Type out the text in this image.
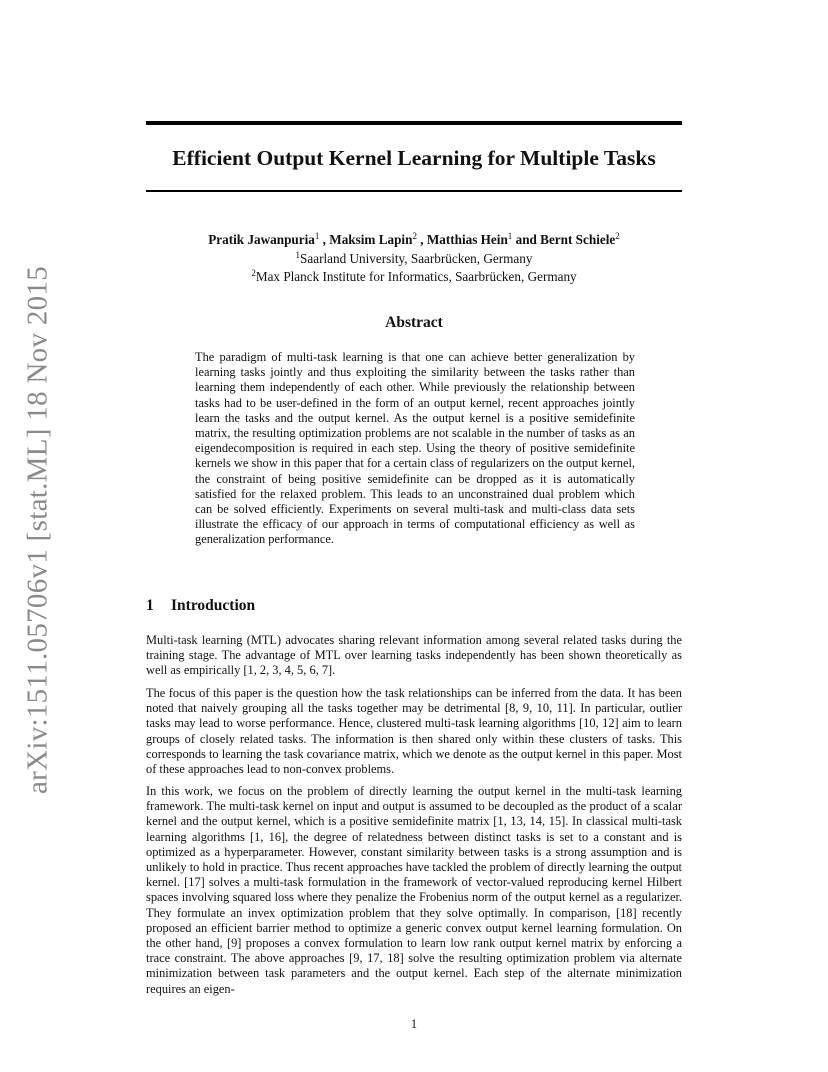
arXiv:1511.05706v1 [stat.ML] 18 Nov 2015
Efficient Output Kernel Learning for Multiple Tasks
Pratik Jawanpuria$^1$ , Maksim Lapin$^2$ , Matthias Hein$^1$ and Bernt Schiele$^2$
$^1$Saarland University, Saarbrücken, Germany
$^2$Max Planck Institute for Informatics, Saarbrücken, Germany
Abstract
The paradigm of multi-task learning is that one can achieve better generalization by learning tasks jointly and thus exploiting the similarity between the tasks rather than learning them independently of each other. While previously the relationship between tasks had to be user-defined in the form of an output kernel, recent approaches jointly learn the tasks and the output kernel. As the output kernel is a positive semidefinite matrix, the resulting optimization problems are not scalable in the number of tasks as an eigendecomposition is required in each step. Using the theory of positive semidefinite kernels we show in this paper that for a certain class of regularizers on the output kernel, the constraint of being positive semidefinite can be dropped as it is automatically satisfied for the relaxed problem. This leads to an unconstrained dual problem which can be solved efficiently. Experiments on several multi-task and multi-class data sets illustrate the efficacy of our approach in terms of computational efficiency as well as generalization performance.
1 Introduction

Multi-task learning (MTL) advocates sharing relevant information among several related tasks during the training stage. The advantage of MTL over learning tasks independently has been shown theoretically as well as empirically [1, 2, 3, 4, 5, 6, 7].

The focus of this paper is the question how the task relationships can be inferred from the data. It has been noted that naively grouping all the tasks together may be detrimental [8, 9, 10, 11]. In particular, outlier tasks may lead to worse performance. Hence, clustered multi-task learning algorithms [10, 12] aim to learn groups of closely related tasks. The information is then shared only within these clusters of tasks. This corresponds to learning the task covariance matrix, which we denote as the output kernel in this paper. Most of these approaches lead to non-convex problems.

In this work, we focus on the problem of directly learning the output kernel in the multi-task learning framework. The multi-task kernel on input and output is assumed to be decoupled as the product of a scalar kernel and the output kernel, which is a positive semidefinite matrix [1, 13, 14, 15]. In classical multi-task learning algorithms [1, 16], the degree of relatedness between distinct tasks is set to a constant and is optimized as a hyperparameter. However, constant similarity between tasks is a strong assumption and is unlikely to hold in practice. Thus recent approaches have tackled the problem of directly learning the output kernel. [17] solves a multi-task formulation in the framework of vector-valued reproducing kernel Hilbert spaces involving squared loss where they penalize the Frobenius norm of the output kernel as a regularizer. They formulate an invex optimization problem that they solve optimally. In comparison, [18] recently proposed an efficient barrier method to optimize a generic convex output kernel learning formulation. On the other hand, [9] proposes a convex formulation to learn low rank output kernel matrix by enforcing a trace constraint. The above approaches [9, 17, 18] solve the resulting optimization problem via alternate minimization between task parameters and the output kernel. Each step of the alternate minimization requires an eigen-

1
